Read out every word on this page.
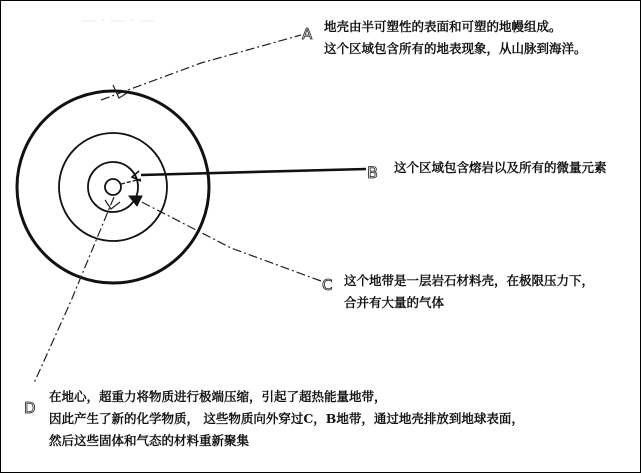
— · — · —
A
B
C
D
地壳由半可塑性的表面和可塑的地幔组成。
这个区域包含所有的地表现象，从山脉到海洋。
这个区域包含熔岩以及所有的微量元素
这个地带是一层岩石材料壳，在极限压力下，
合并有大量的气体
在地心，超重力将物质进行极端压缩，引起了超热能量地带，
因此产生了新的化学物质， 这些物质向外穿过C，B地带，通过地壳排放到地球表面，
然后这些固体和气态的材料重新聚集
